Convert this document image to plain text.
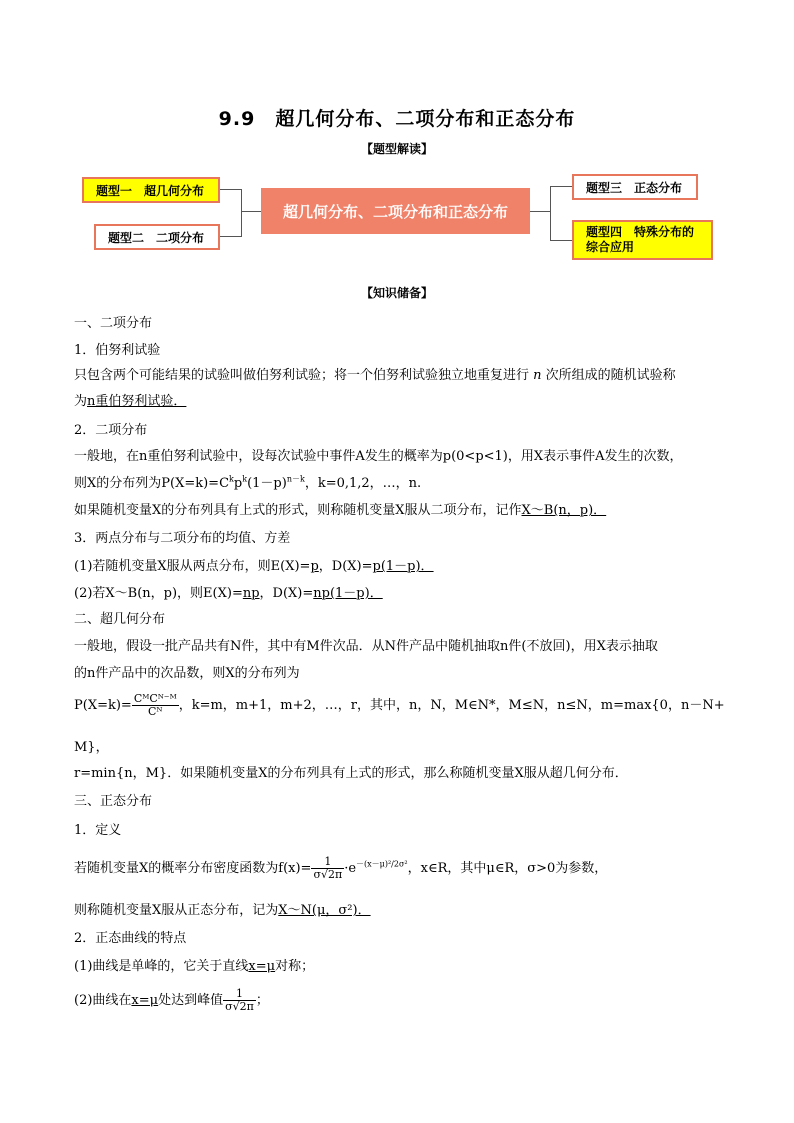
9.9　超几何分布、二项分布和正态分布
【题型解读】
超几何分布、二项分布和正态分布
题型一　超几何分布
题型二　二项分布
题型三　正态分布
题型四　特殊分布的综合应用
【知识储备】
一、二项分布
1．伯努利试验
只包含两个可能结果的试验叫做伯努利试验；将一个伯努利试验独立地重复进行 n 次所组成的随机试验称
为n重伯努利试验．
2．二项分布
一般地，在n重伯努利试验中，设每次试验中事件A发生的概率为p(0<p<1)，用X表示事件A发生的次数，
则X的分布列为$P(X=k)=C^kp^k(1-p)^{n-k}$，k=0,1,2，…，n.
如果随机变量X的分布列具有上式的形式，则称随机变量X服从二项分布，记作X～B(n，p)．
3．两点分布与二项分布的均值、方差
(1)若随机变量X服从两点分布，则E(X)=p，D(X)=p(1－p)．
(2)若X～B(n，p)，则E(X)=np，D(X)=np(1－p)．
二、超几何分布
一般地，假设一批产品共有N件，其中有M件次品．从N件产品中随机抽取n件(不放回)，用X表示抽取
的n件产品中的次品数，则X的分布列为
$P(X=k)= \frac{\text{CᴹCᴺ⁻ᴹ}}{\text{Cᴺ}}$ ，k=m，m+1，m+2，…，r，其中，n，N，M∈N*，M≤N，n≤N，m=max{0，n－N+
M}，
r=min{n，M}．如果随机变量X的分布列具有上式的形式，那么称随机变量X服从超几何分布．
三、正态分布
1．定义
若随机变量X的概率分布密度函数为$f(x)= \frac{1}{\sigma√2\pi} \cdot e^{-(x-\mu)^2/2\sigma^2}$，x∈R，其中μ∈R，σ>0为参数，
则称随机变量X服从正态分布，记为X～N(μ，σ²)．
2．正态曲线的特点
(1)曲线是单峰的，它关于直线x=μ对称；
(2)曲线在x=μ处达到峰值 $\frac{1}{\sigma√2\pi}$ ；
